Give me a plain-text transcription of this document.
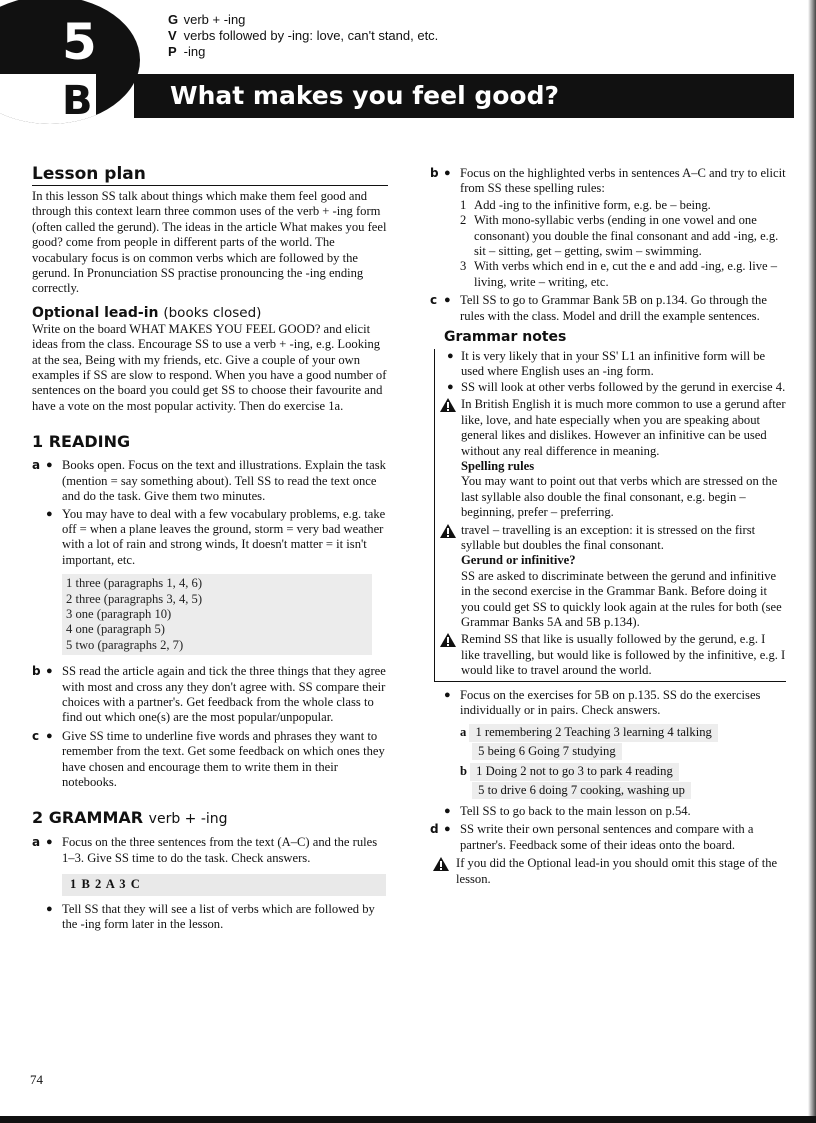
5
B	What makes you feel good?
G verb + -ing
V verbs followed by -ing: love, can't stand, etc.
P -ing
Lesson plan

In this lesson SS talk about things which make them feel good and through this context learn three common uses of the verb + -ing form (often called the gerund). The ideas in the article What makes you feel good? come from people in different parts of the world. The vocabulary focus is on common verbs which are followed by the gerund. In Pronunciation SS practise pronouncing the -ing ending correctly.

Optional lead-in (books closed)

Write on the board WHAT MAKES YOU FEEL GOOD? and elicit ideas from the class. Encourage SS to use a verb + -ing, e.g. Looking at the sea, Being with my friends, etc. Give a couple of your own examples if SS are slow to respond. When you have a good number of sentences on the board you could get SS to choose their favourite and have a vote on the most popular activity. Then do exercise 1a.

1 READING
a ● Books open. Focus on the text and illustrations. Explain the task (mention = say something about). Tell SS to read the text once and do the task. Give them two minutes.
● You may have to deal with a few vocabulary problems, e.g. take off = when a plane leaves the ground, storm = very bad weather with a lot of rain and strong winds, It doesn't matter = it isn't important, etc.
1 three (paragraphs 1, 4, 6)
2 three (paragraphs 3, 4, 5)
3 one (paragraph 10)
4 one (paragraph 5)
5 two (paragraphs 2, 7)
b ● SS read the article again and tick the three things that they agree with most and cross any they don't agree with. SS compare their choices with a partner's. Get feedback from the whole class to find out which one(s) are the most popular/unpopular.
c ● Give SS time to underline five words and phrases they want to remember from the text. Get some feedback on which ones they have chosen and encourage them to write them in their notebooks.
2 GRAMMAR verb + -ing
a ● Focus on the three sentences from the text (A–C) and the rules 1–3. Give SS time to do the task. Check answers.
1 B 2 A 3 C
● Tell SS that they will see a list of verbs which are followed by the -ing form later in the lesson.
b ● Focus on the highlighted verbs in sentences A–C and try to elicit from SS these spelling rules:
1 Add -ing to the infinitive form, e.g. be – being.
2 With mono-syllabic verbs (ending in one vowel and one consonant) you double the final consonant and add -ing, e.g. sit – sitting, get – getting, swim – swimming.
3 With verbs which end in e, cut the e and add -ing, e.g. live – living, write – writing, etc.
c ● Tell SS to go to Grammar Bank 5B on p.134. Go through the rules with the class. Model and drill the example sentences.
Grammar notes
● It is very likely that in your SS' L1 an infinitive form will be used where English uses an -ing form.
● SS will look at other verbs followed by the gerund in exercise 4.
In British English it is much more common to use a gerund after like, love, and hate especially when you are speaking about general likes and dislikes. However an infinitive can be used without any real difference in meaning.
Spelling rules
You may want to point out that verbs which are stressed on the last syllable also double the final consonant, e.g. begin – beginning, prefer – preferring.
travel – travelling is an exception: it is stressed on the first syllable but doubles the final consonant.
Gerund or infinitive?
SS are asked to discriminate between the gerund and infinitive in the second exercise in the Grammar Bank. Before doing it you could get SS to quickly look again at the rules for both (see Grammar Banks 5A and 5B p.134).
Remind SS that like is usually followed by the gerund, e.g. I like travelling, but would like is followed by the infinitive, e.g. I would like to travel around the world.
● Focus on the exercises for 5B on p.135. SS do the exercises individually or in pairs. Check answers.
a 1 remembering 2 Teaching 3 learning 4 talking
5 being 6 Going 7 studying
b 1 Doing 2 not to go 3 to park 4 reading
5 to drive 6 doing 7 cooking, washing up
● Tell SS to go back to the main lesson on p.54.
d ● SS write their own personal sentences and compare with a partner's. Feedback some of their ideas onto the board.
If you did the Optional lead-in you should omit this stage of the lesson.
74
